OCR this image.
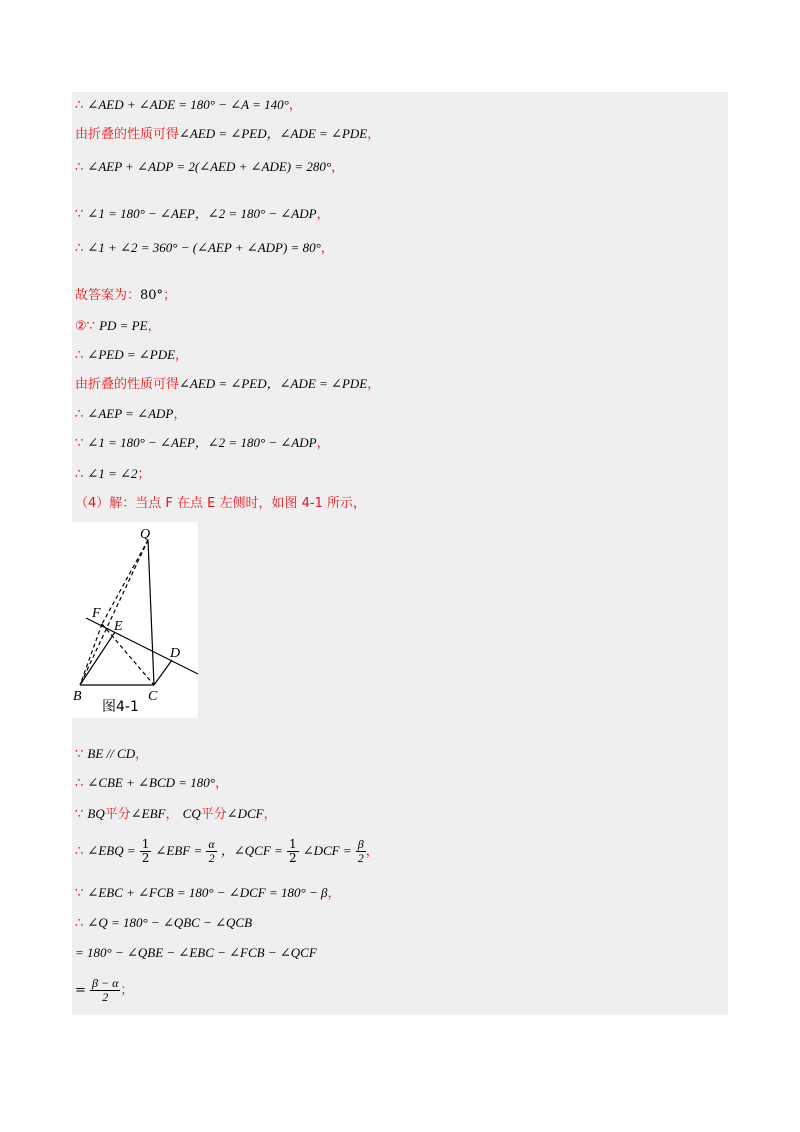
∴ ∠AED + ∠ADE = 180° − ∠A = 140°，
由折叠的性质可得∠AED = ∠PED，∠ADE = ∠PDE，
∴ ∠AEP + ∠ADP = 2(∠AED + ∠ADE) = 280°，
∵ ∠1 = 180° − ∠AEP，∠2 = 180° − ∠ADP，
∴ ∠1 + ∠2 = 360° − (∠AEP + ∠ADP) = 80°，
故答案为：80°；
②∵ PD = PE，
∴ ∠PED = ∠PDE，
由折叠的性质可得∠AED = ∠PED，∠ADE = ∠PDE，
∴ ∠AEP = ∠ADP，
∵ ∠1 = 180° − ∠AEP，∠2 = 180° − ∠ADP，
∴ ∠1 = ∠2；
（4）解：当点 F 在点 E 左侧时，如图 4-1 所示，
Q
F
E
D
B	C
图4-1
∵ BE // CD，
∴ ∠CBE + ∠BCD = 180°，
∵ BQ平分∠EBF， CQ平分∠DCF，
∴ ∠EBQ = $\frac{1}{2}$ ∠EBF = $\frac{\alpha}{2}$ ，∠QCF = $\frac{1}{2}$ ∠DCF = $\frac{\beta}{2}$ ，
∵ ∠EBC + ∠FCB = 180° − ∠DCF = 180° − β，
∴ ∠Q = 180° − ∠QBC − ∠QCB
= 180° − ∠QBE − ∠EBC − ∠FCB − ∠QCF
= $\frac{\beta - \alpha}{2}$ ；
